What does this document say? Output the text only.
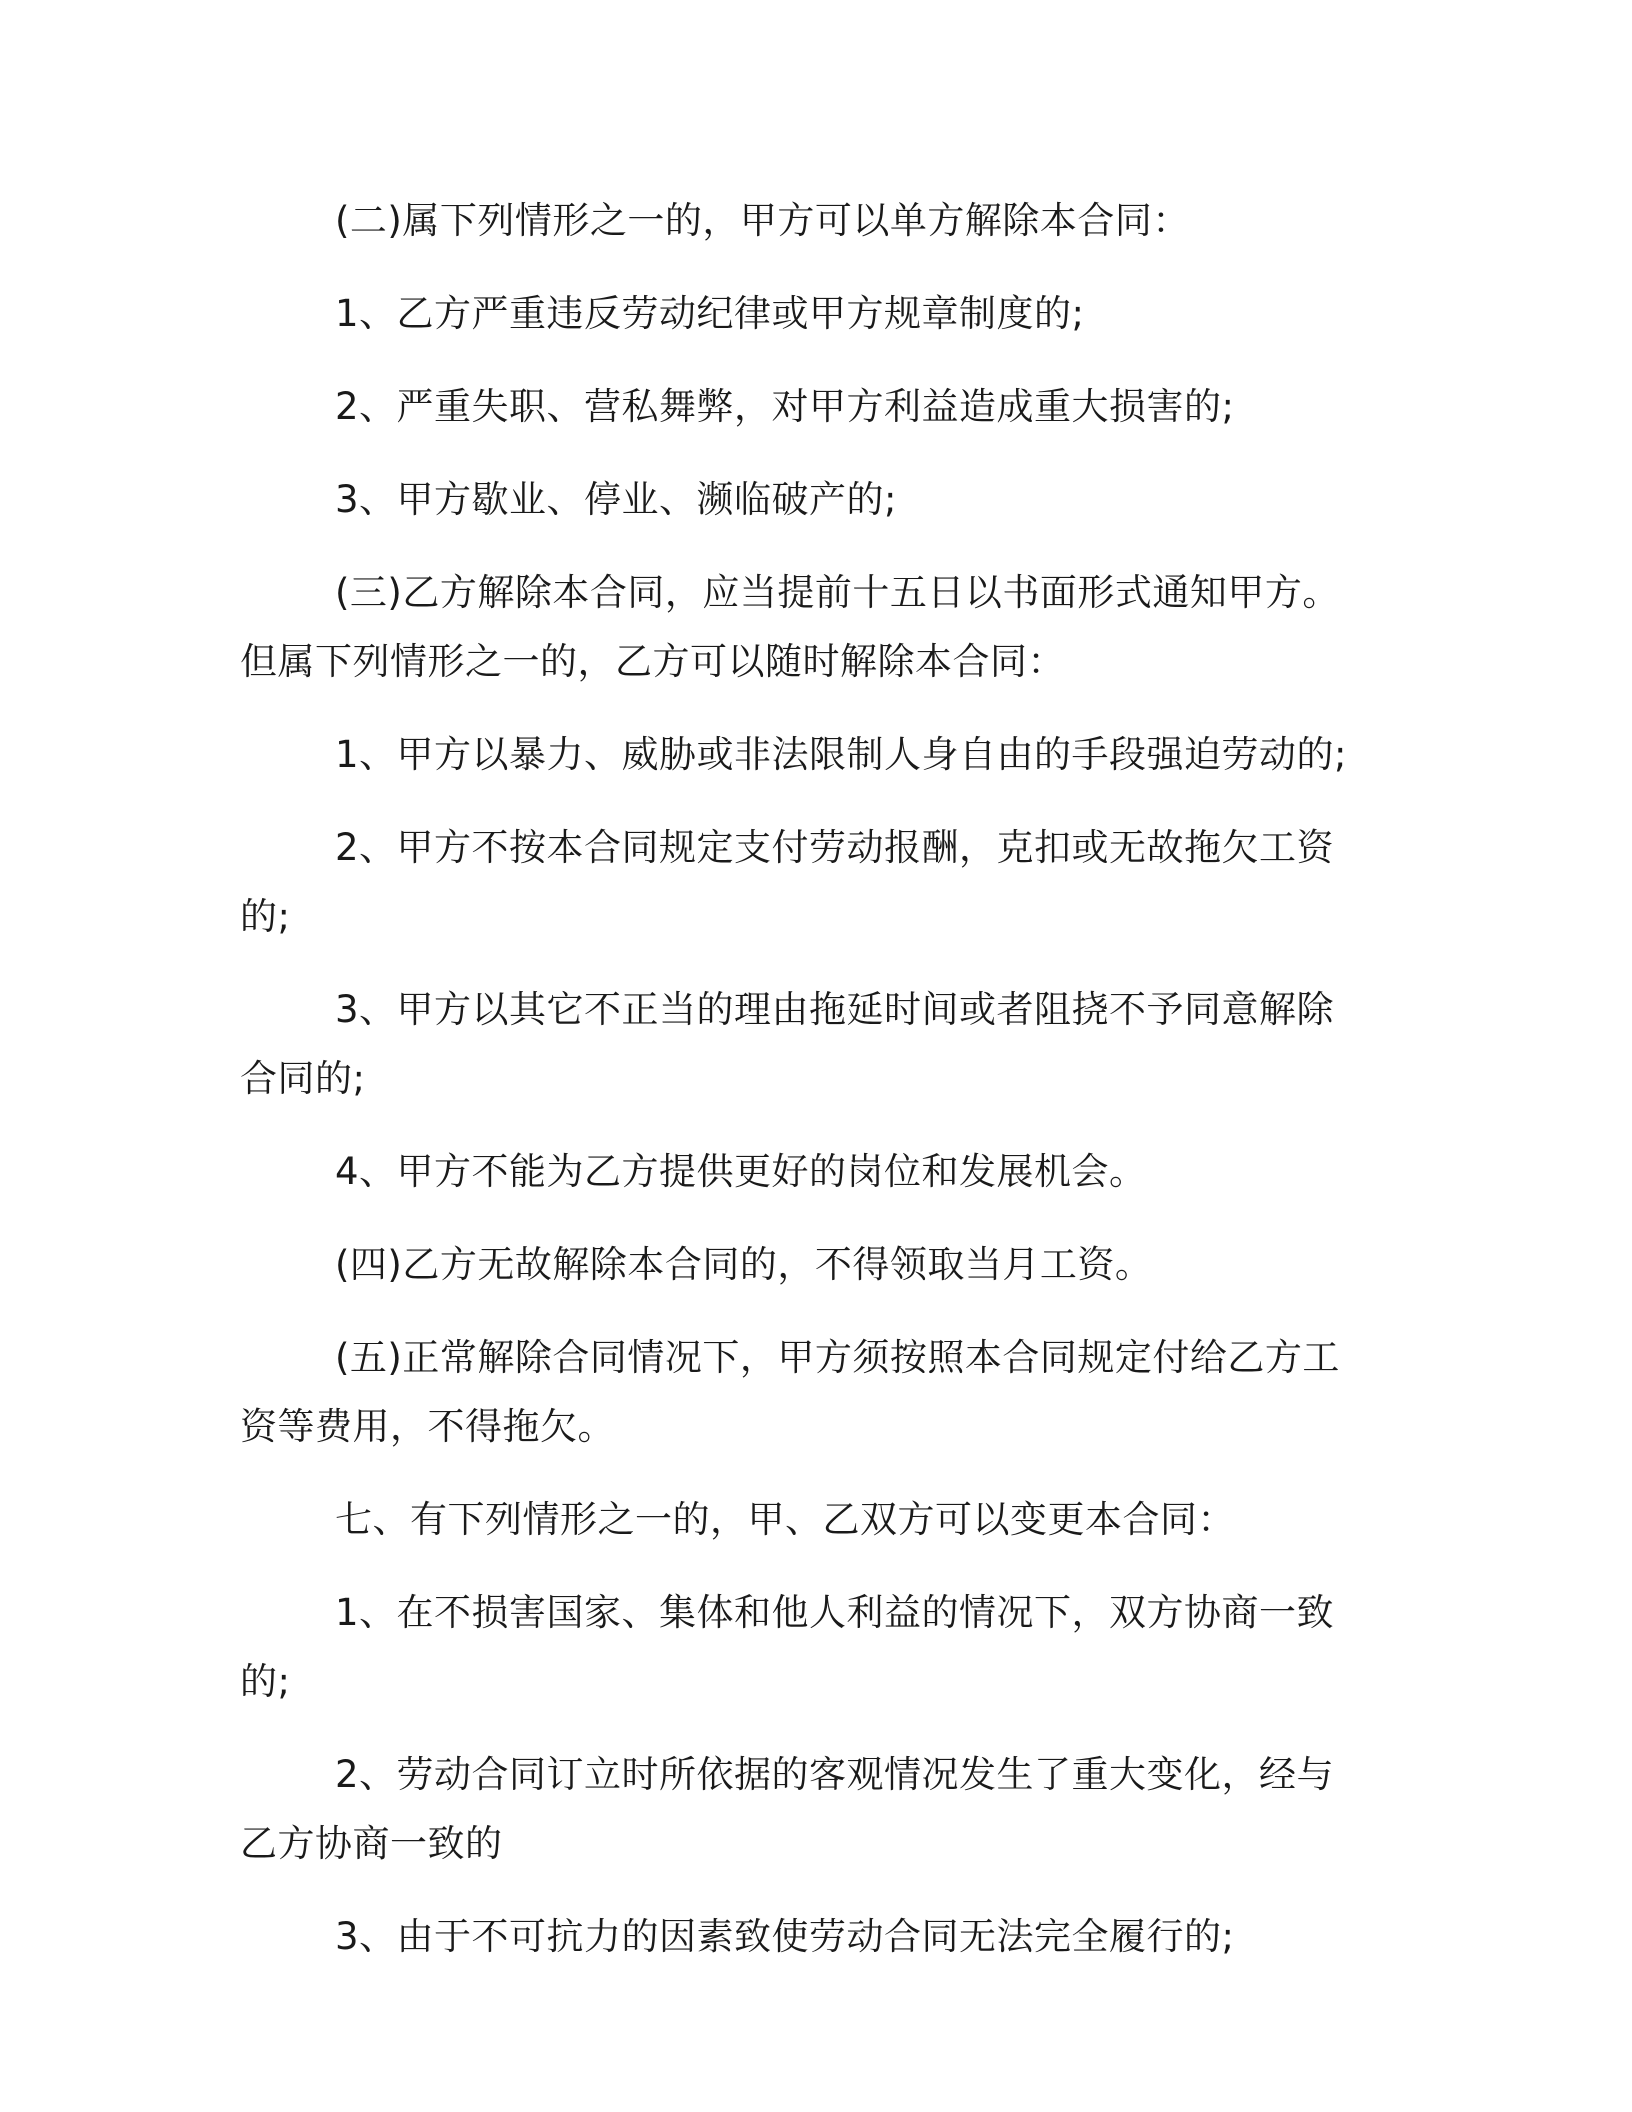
(二)属下列情形之一的，甲方可以单方解除本合同：

1、乙方严重违反劳动纪律或甲方规章制度的;

2、严重失职、营私舞弊，对甲方利益造成重大损害的;

3、甲方歇业、停业、濒临破产的;

(三)乙方解除本合同，应当提前十五日以书面形式通知甲方。但属下列情形之一的，乙方可以随时解除本合同：

1、甲方以暴力、威胁或非法限制人身自由的手段强迫劳动的;

2、甲方不按本合同规定支付劳动报酬，克扣或无故拖欠工资的;

3、甲方以其它不正当的理由拖延时间或者阻挠不予同意解除合同的;

4、甲方不能为乙方提供更好的岗位和发展机会。

(四)乙方无故解除本合同的，不得领取当月工资。

(五)正常解除合同情况下，甲方须按照本合同规定付给乙方工资等费用，不得拖欠。

七、有下列情形之一的，甲、乙双方可以变更本合同：

1、在不损害国家、集体和他人利益的情况下，双方协商一致的;

2、劳动合同订立时所依据的客观情况发生了重大变化，经与乙方协商一致的

3、由于不可抗力的因素致使劳动合同无法完全履行的;
